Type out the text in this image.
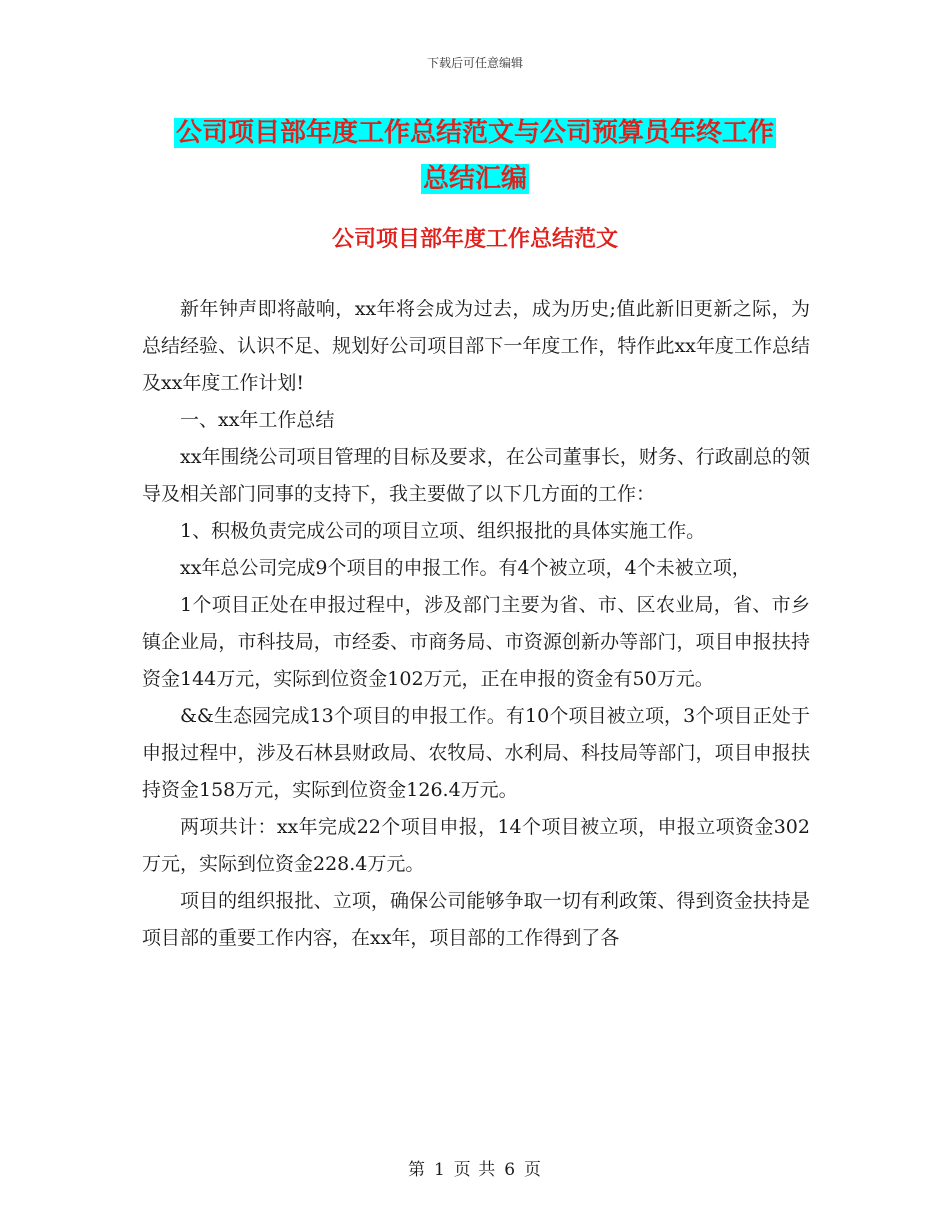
下载后可任意编辑
公司项目部年度工作总结范文与公司预算员年终工作
总结汇编
公司项目部年度工作总结范文

新年钟声即将敲响，xx年将会成为过去，成为历史;值此新旧更新之际，为总结经验、认识不足、规划好公司项目部下一年度工作，特作此xx年度工作总结及xx年度工作计划!

一、xx年工作总结

xx年围绕公司项目管理的目标及要求，在公司董事长，财务、行政副总的领导及相关部门同事的支持下，我主要做了以下几方面的工作：

1、积极负责完成公司的项目立项、组织报批的具体实施工作。

xx年总公司完成9个项目的申报工作。有4个被立项，4个未被立项，

1个项目正处在申报过程中，涉及部门主要为省、市、区农业局，省、市乡镇企业局，市科技局，市经委、市商务局、市资源创新办等部门，项目申报扶持资金144万元，实际到位资金102万元，正在申报的资金有50万元。

&&生态园完成13个项目的申报工作。有10个项目被立项，3个项目正处于申报过程中，涉及石林县财政局、农牧局、水利局、科技局等部门，项目申报扶持资金158万元，实际到位资金126.4万元。

两项共计：xx年完成22个项目申报，14个项目被立项，申报立项资金302万元，实际到位资金228.4万元。

项目的组织报批、立项，确保公司能够争取一切有利政策、得到资金扶持是项目部的重要工作内容，在xx年，项目部的工作得到了各

第 1 页 共 6 页
